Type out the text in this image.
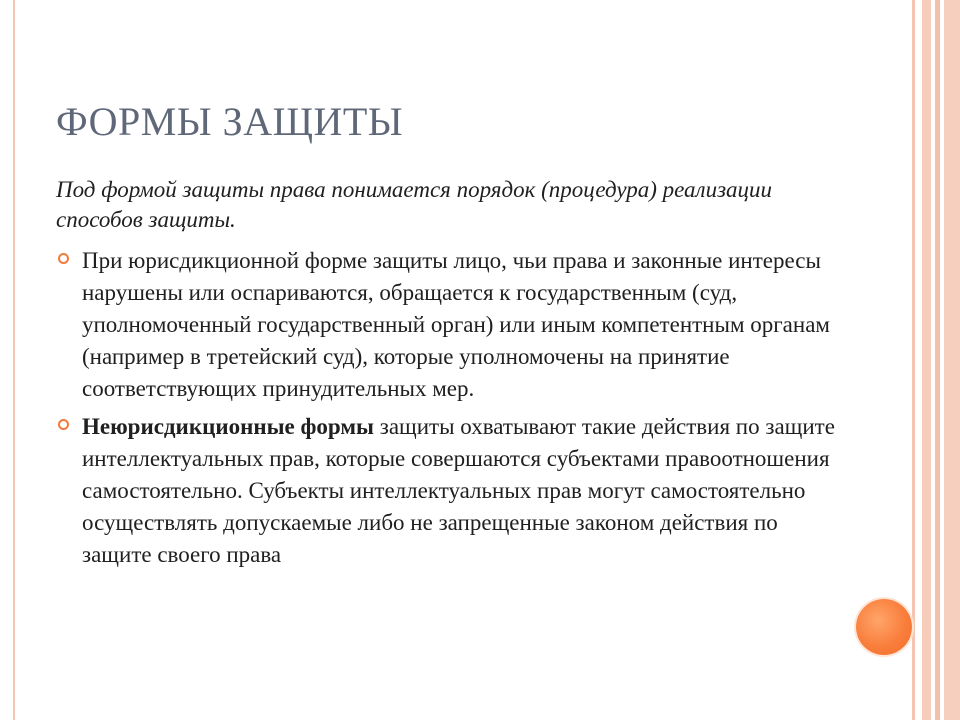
ФОРМЫ ЗАЩИТЫ
Под формой защиты права понимается порядок (процедура) реализации способов защиты.
При юрисдикционной форме защиты лицо, чьи права и законные интересы нарушены или оспариваются, обращается к государственным (суд, уполномоченный государственный орган) или иным компетентным органам (например в третейский суд), которые уполномочены на принятие соответствующих принудительных мер.
Неюрисдикционные формы защиты охватывают такие действия по защите интеллектуальных прав, которые совершаются субъектами правоотношения самостоятельно. Субъекты интеллектуальных прав могут самостоятельно осуществлять допускаемые либо не запрещенные законом действия по защите своего права
